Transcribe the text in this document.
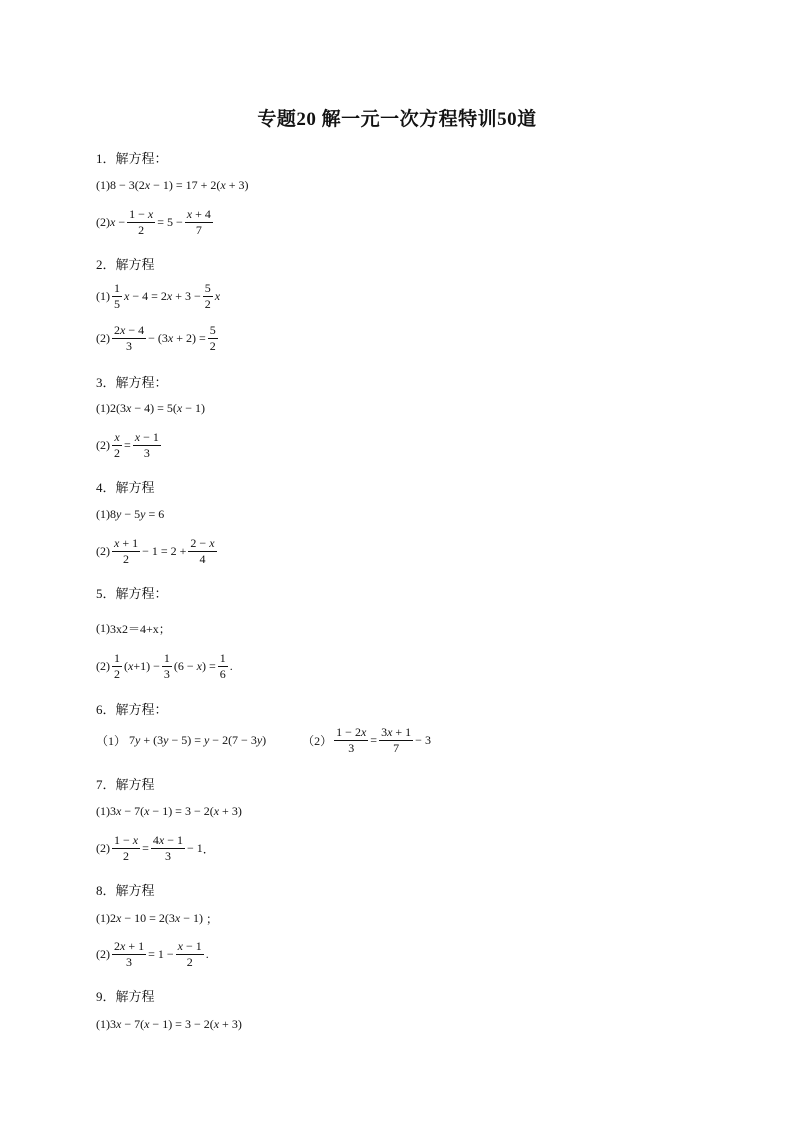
专题20 解一元一次方程特训50道
1．解方程：
(1) 8 − 3(2x − 1) = 17 + 2(x + 3)
(2) $x - \frac{1 - x}{2} = 5 - \frac{x + 4}{7}$
2．解方程
(1)
1
5
$x - 4 = 2x + 3 - \frac{5}{2}$ x
(2)
2x − 4
3
− $(3x + 2) = \frac{5}{2}$
3．解方程：
(1) 2(3x − 4) = 5(x − 1)
$(2) \frac{x}{2} = \frac{x - 1}{3}$
4．解方程
(1) 8y − 5y = 6
(2)
x + 1
2
− $1 = 2 + \frac{2 - x}{4}$
5．解方程：
(1) 3x2＝4+x；
(2)
1
2
$(x+1) - \frac{1}{3} (6 - x) = \frac{1}{6}$ .
6．解方程：
（1） 7y + (3y − 5) = y − 2(7 − 3y)	$(2) \frac{1 - 2x}{3} = \frac{3x + 1}{7} - 3$
7．解方程
(1) 3x − 7(x − 1) = 3 − 2(x + 3)
$(2) \frac{1 - x}{2} = \frac{4x - 1}{3} - 1$ ．
8．解方程
(1) 2x − 10 = 2(3x − 1) ；
$(2) \frac{2x + 1}{3} = 1 - \frac{x - 1}{2}$ .
9．解方程
(1) 3x − 7(x − 1) = 3 − 2(x + 3)
